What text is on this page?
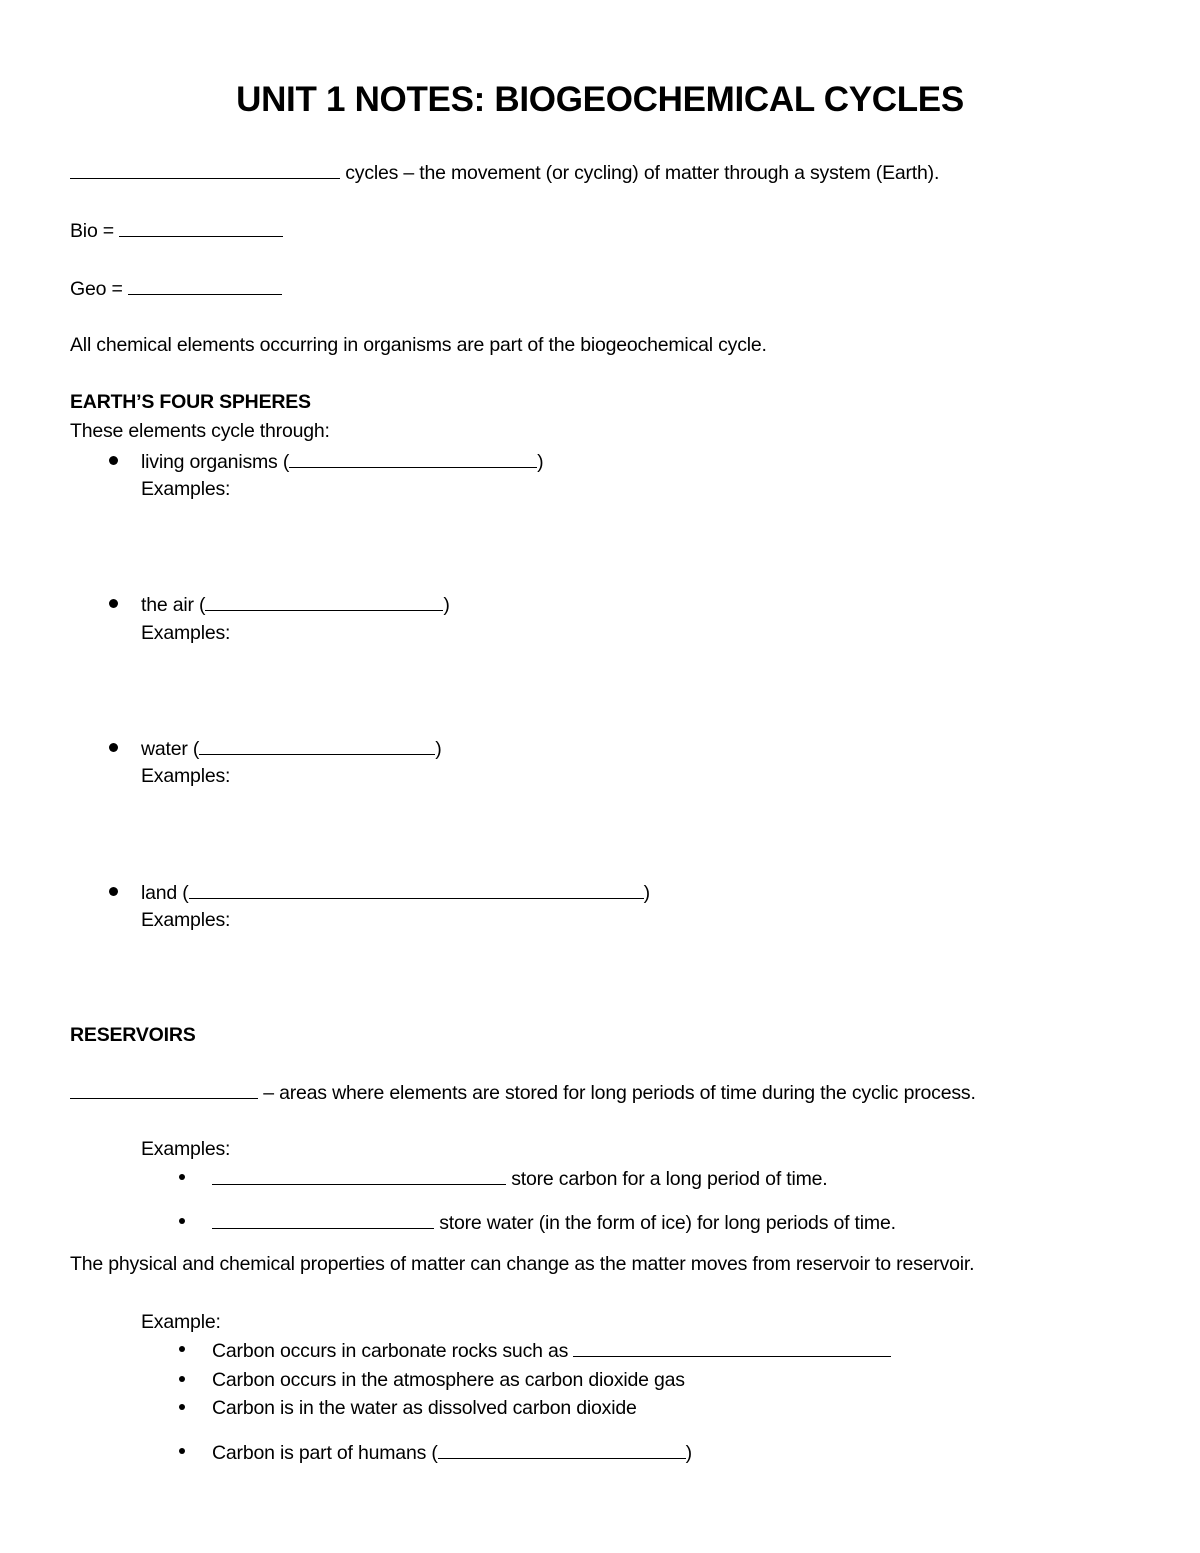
UNIT 1 NOTES: BIOGEOCHEMICAL CYCLES
cycles – the movement (or cycling) of matter through a system (Earth).
Bio =
Geo =
All chemical elements occurring in organisms are part of the biogeochemical cycle.
EARTH’S FOUR SPHERES
These elements cycle through:
living organisms (	)
Examples:
the air (	)
Examples:
water (	)
Examples:
land (	)
Examples:
RESERVOIRS
– areas where elements are stored for long periods of time during the cyclic process.
Examples:
store carbon for a long period of time.
store water (in the form of ice) for long periods of time.
The physical and chemical properties of matter can change as the matter moves from reservoir to reservoir.
Example:
Carbon occurs in carbonate rocks such as
Carbon occurs in the atmosphere as carbon dioxide gas
Carbon is in the water as dissolved carbon dioxide
Carbon is part of humans (	)
